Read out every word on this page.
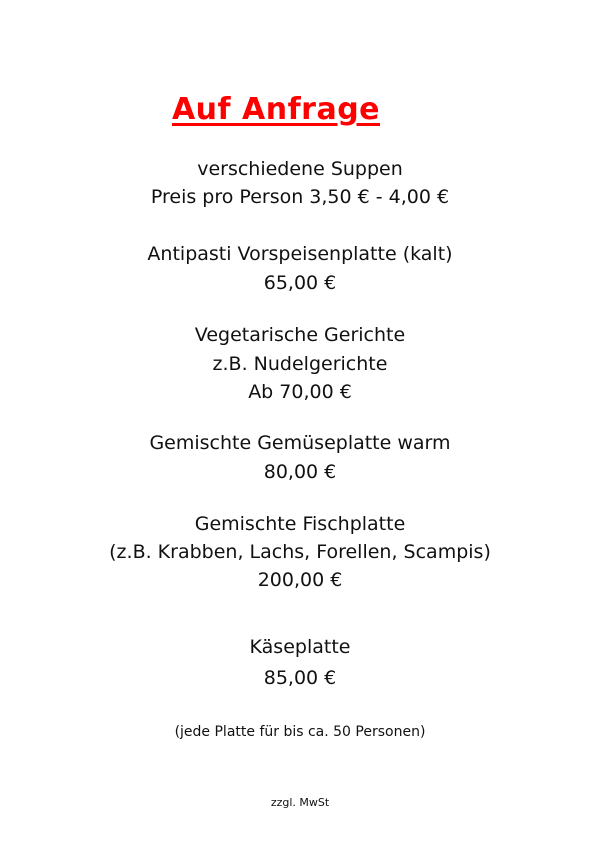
Auf Anfrage
verschiedene Suppen
Preis pro Person 3,50 € - 4,00 €
Antipasti Vorspeisenplatte (kalt)
65,00 €
Vegetarische Gerichte
z.B. Nudelgerichte
Ab 70,00 €
Gemischte Gemüseplatte warm
80,00 €
Gemischte Fischplatte
(z.B. Krabben, Lachs, Forellen, Scampis)
200,00 €
Käseplatte
85,00 €
(jede Platte für bis ca. 50 Personen)
zzgl. MwSt
